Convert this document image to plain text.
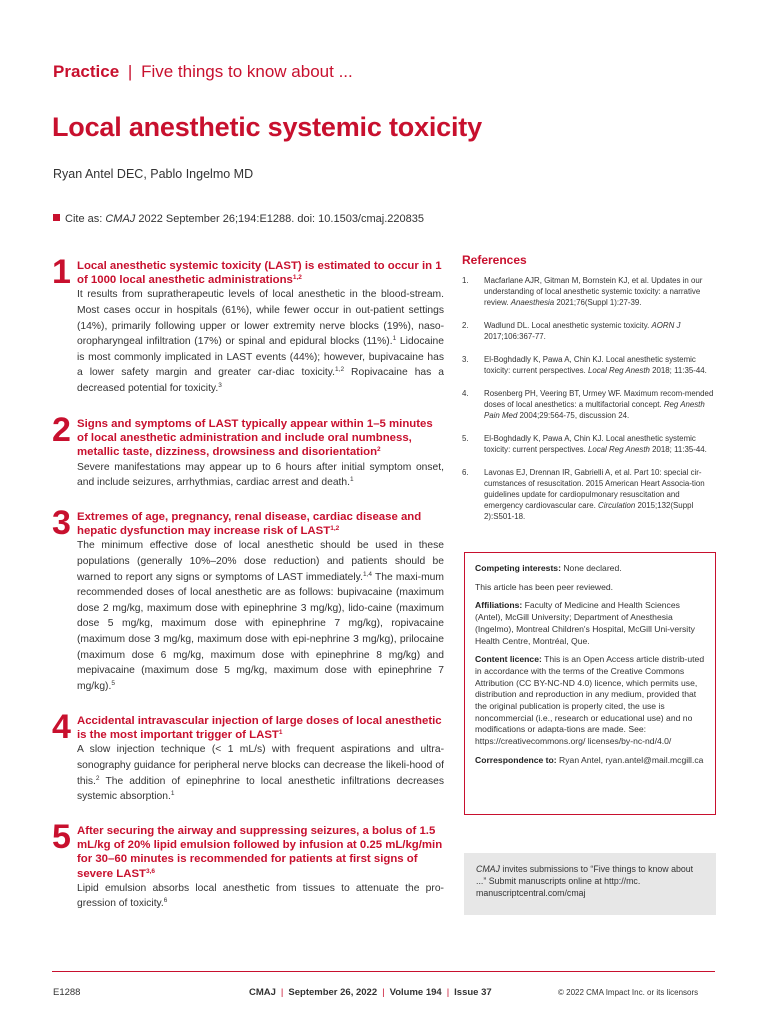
Practice | Five things to know about ...
Local anesthetic systemic toxicity
Ryan Antel DEC, Pablo Ingelmo MD
Cite as: CMAJ 2022 September 26;194:E1288. doi: 10.1503/cmaj.220835
1 Local anesthetic systemic toxicity (LAST) is estimated to occur in 1 of 1000 local anesthetic administrations$^{1,2}$
It results from supratherapeutic levels of local anesthetic in the blood-stream. Most cases occur in hospitals (61%), while fewer occur in out-patient settings (14%), primarily following upper or lower extremity nerve blocks (19%), naso-oropharyngeal infiltration (17%) or spinal and epidural blocks (11%).$^1$ Lidocaine is most commonly implicated in LAST events (44%); however, bupivacaine has a lower safety margin and greater car-diac toxicity.$^{1,2}$ Ropivacaine has a decreased potential for toxicity.$^3$
2 Signs and symptoms of LAST typically appear within 1–5 minutes of local anesthetic administration and include oral numbness, metallic taste, dizziness, drowsiness and disorientation$^2$
Severe manifestations may appear up to 6 hours after initial symptom onset, and include seizures, arrhythmias, cardiac arrest and death.$^1$
3 Extremes of age, pregnancy, renal disease, cardiac disease and hepatic dysfunction may increase risk of LAST$^{1,2}$
The minimum effective dose of local anesthetic should be used in these populations (generally 10%–20% dose reduction) and patients should be warned to report any signs or symptoms of LAST immediately.$^{1,4}$ The maxi-mum recommended doses of local anesthetic are as follows: bupivacaine (maximum dose 2 mg/kg, maximum dose with epinephrine 3 mg/kg), lido-caine (maximum dose 5 mg/kg, maximum dose with epinephrine 7 mg/kg), ropivacaine (maximum dose 3 mg/kg, maximum dose with epi-nephrine 3 mg/kg), prilocaine (maximum dose 6 mg/kg, maximum dose with epinephrine 8 mg/kg) and mepivacaine (maximum dose 5 mg/kg, maximum dose with epinephrine 7 mg/kg).$^5$
4 Accidental intravascular injection of large doses of local anesthetic is the most important trigger of LAST$^1$
A slow injection technique (< 1 mL/s) with frequent aspirations and ultra-sonography guidance for peripheral nerve blocks can decrease the likeli-hood of this.$^2$ The addition of epinephrine to local anesthetic infiltrations decreases systemic absorption.$^1$
5 After securing the airway and suppressing seizures, a bolus of 1.5 mL/kg of 20% lipid emulsion followed by infusion at 0.25 mL/kg/min for 30–60 minutes is recommended for patients at first signs of severe LAST$^{3,6}$
Lipid emulsion absorbs local anesthetic from tissues to attenuate the pro-gression of toxicity.$^6$
References
1. Macfarlane AJR, Gitman M, Bornstein KJ, et al. Updates in our understanding of local anesthetic systemic toxicity: a narrative review. Anaesthesia 2021;76(Suppl 1):27-39.
2. Wadlund DL. Local anesthetic systemic toxicity. AORN J 2017;106:367-77.
3. El-Boghdadly K, Pawa A, Chin KJ. Local anesthetic systemic toxicity: current perspectives. Local Reg Anesth 2018; 11:35-44.
4. Rosenberg PH, Veering BT, Urmey WF. Maximum recom-mended doses of local anesthetics: a multifactorial concept. Reg Anesth Pain Med 2004;29:564-75, discussion 24.
5. El-Boghdadly K, Pawa A, Chin KJ. Local anesthetic systemic toxicity: current perspectives. Local Reg Anesth 2018; 11:35-44.
6. Lavonas EJ, Drennan IR, Gabrielli A, et al. Part 10: special cir-cumstances of resuscitation. 2015 American Heart Associa-tion guidelines update for cardiopulmonary resuscitation and emergency cardiovascular care. Circulation 2015;132(Suppl 2):S501-18.

Competing interests: None declared.

This article has been peer reviewed.

Affiliations: Faculty of Medicine and Health Sciences (Antel), McGill University; Department of Anesthesia (Ingelmo), Montreal Children's Hospital, McGill Uni-versity Health Centre, Montréal, Que.

Content licence: This is an Open Access article distrib-uted in accordance with the terms of the Creative Commons Attribution (CC BY-NC-ND 4.0) licence, which permits use, distribution and reproduction in any medium, provided that the original publication is properly cited, the use is noncommercial (i.e., research or educational use) and no modifications or adapta-tions are made. See: https://creativecommons.org/ licenses/by-nc-nd/4.0/

Correspondence to: Ryan Antel, ryan.antel@mail.mcgill.ca

CMAJ invites submissions to “Five things to know about ...” Submit manuscripts online at http://mc. manuscriptcentral.com/cmaj
E1288	CMAJ | September 26, 2022 | Volume 194 | Issue 37	© 2022 CMA Impact Inc. or its licensors
